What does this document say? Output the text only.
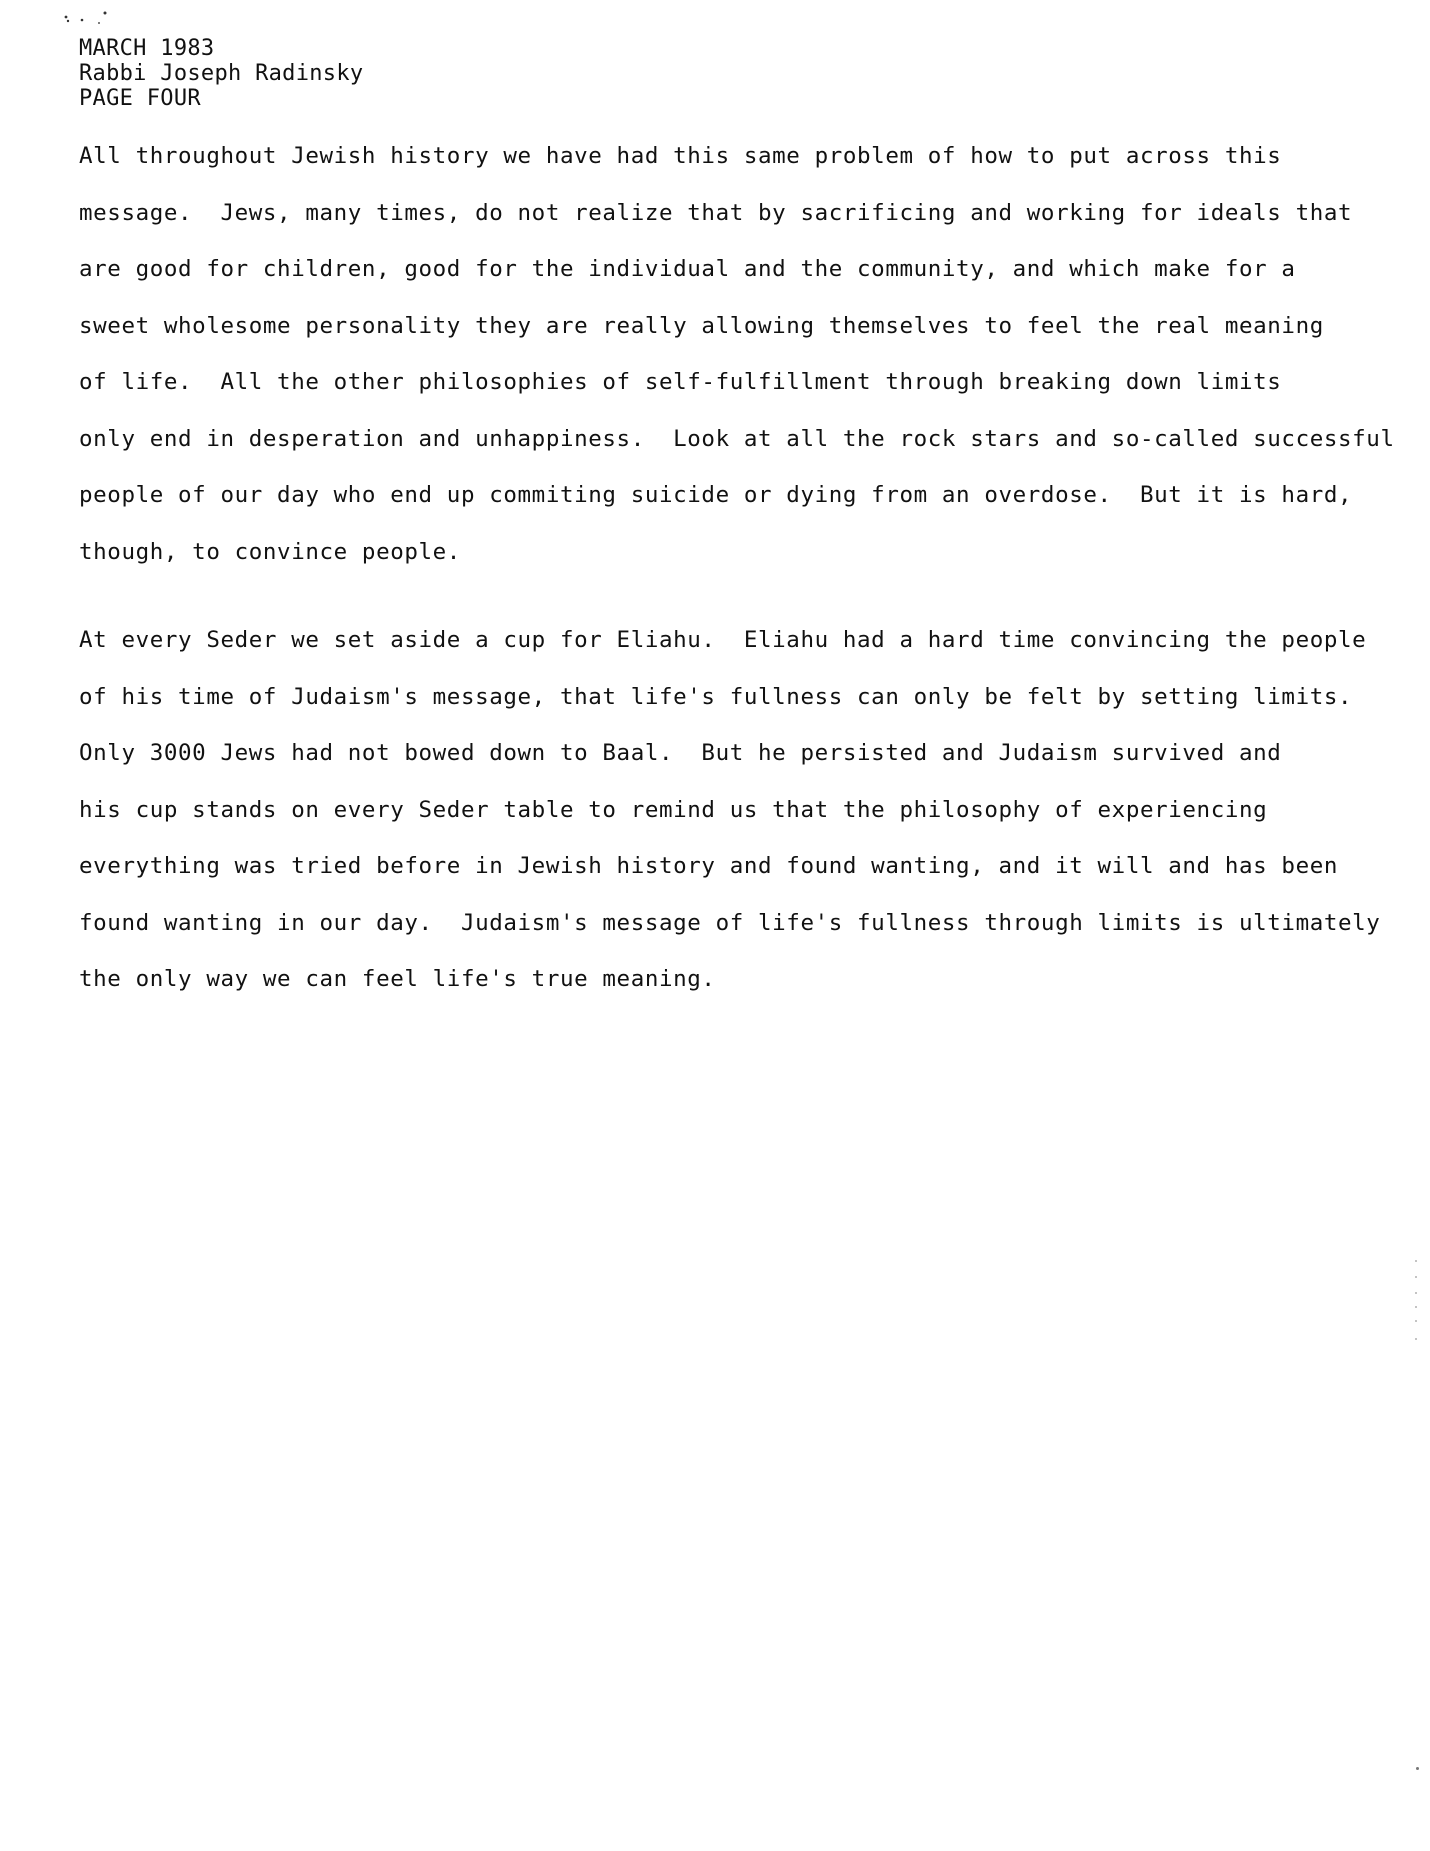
MARCH 1983
Rabbi Joseph Radinsky
PAGE FOUR
All throughout Jewish history we have had this same problem of how to put across this
message.  Jews, many times, do not realize that by sacrificing and working for ideals that
are good for children, good for the individual and the community, and which make for a
sweet wholesome personality they are really allowing themselves to feel the real meaning
of life.  All the other philosophies of self-fulfillment through breaking down limits
only end in desperation and unhappiness.  Look at all the rock stars and so-called successful
people of our day who end up commiting suicide or dying from an overdose.  But it is hard,
though, to convince people.
At every Seder we set aside a cup for Eliahu.  Eliahu had a hard time convincing the people
of his time of Judaism's message, that life's fullness can only be felt by setting limits.
Only 3000 Jews had not bowed down to Baal.  But he persisted and Judaism survived and
his cup stands on every Seder table to remind us that the philosophy of experiencing
everything was tried before in Jewish history and found wanting, and it will and has been
found wanting in our day.  Judaism's message of life's fullness through limits is ultimately
the only way we can feel life's true meaning.
